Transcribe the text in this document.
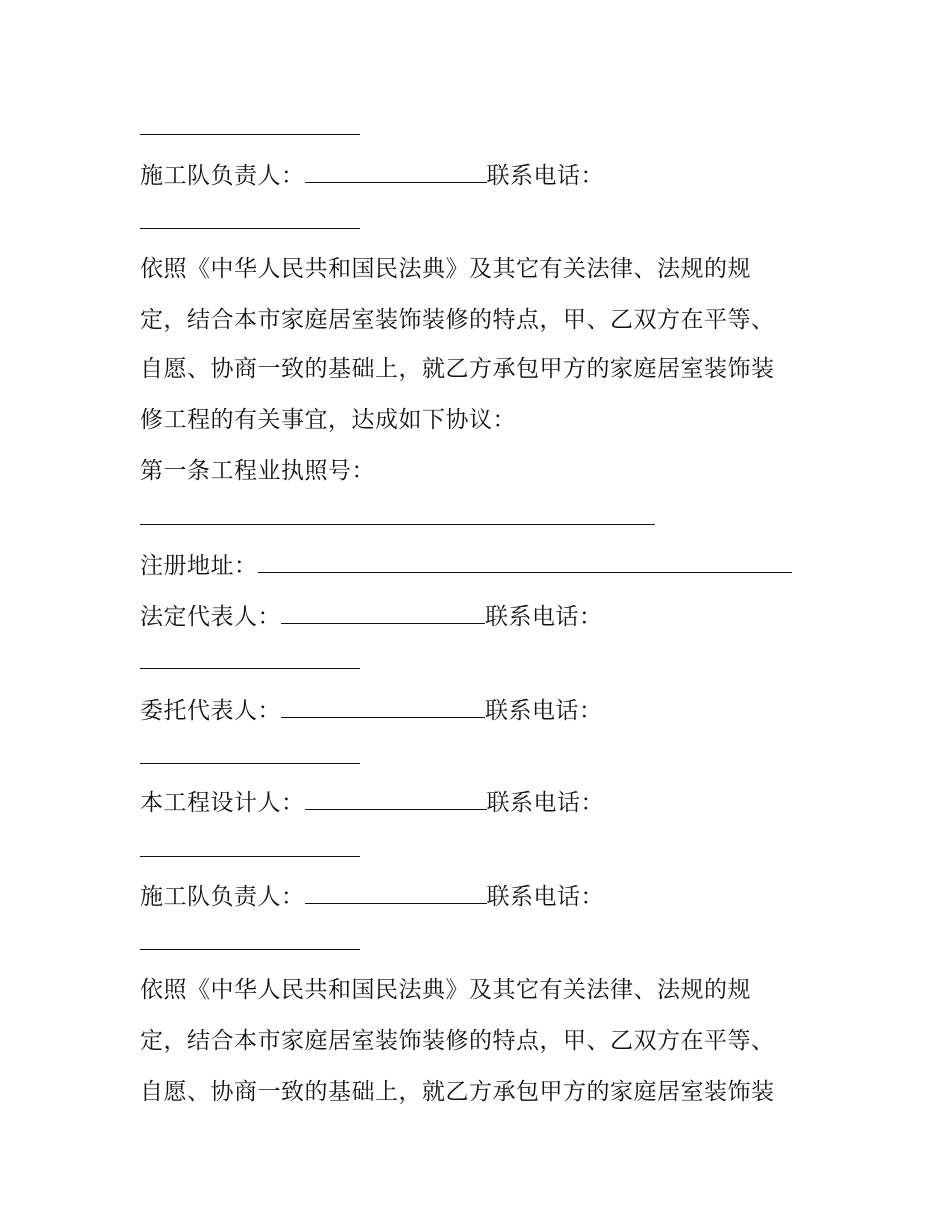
施工队负责人：	联系电话：
依照《中华人民共和国民法典》及其它有关法律、法规的规
定，结合本市家庭居室装饰装修的特点，甲、乙双方在平等、
自愿、协商一致的基础上，就乙方承包甲方的家庭居室装饰装
修工程的有关事宜，达成如下协议：
第一条工程业执照号：
注册地址：
法定代表人：	联系电话：
委托代表人：	联系电话：
本工程设计人：	联系电话：
施工队负责人：	联系电话：
依照《中华人民共和国民法典》及其它有关法律、法规的规
定，结合本市家庭居室装饰装修的特点，甲、乙双方在平等、
自愿、协商一致的基础上，就乙方承包甲方的家庭居室装饰装
